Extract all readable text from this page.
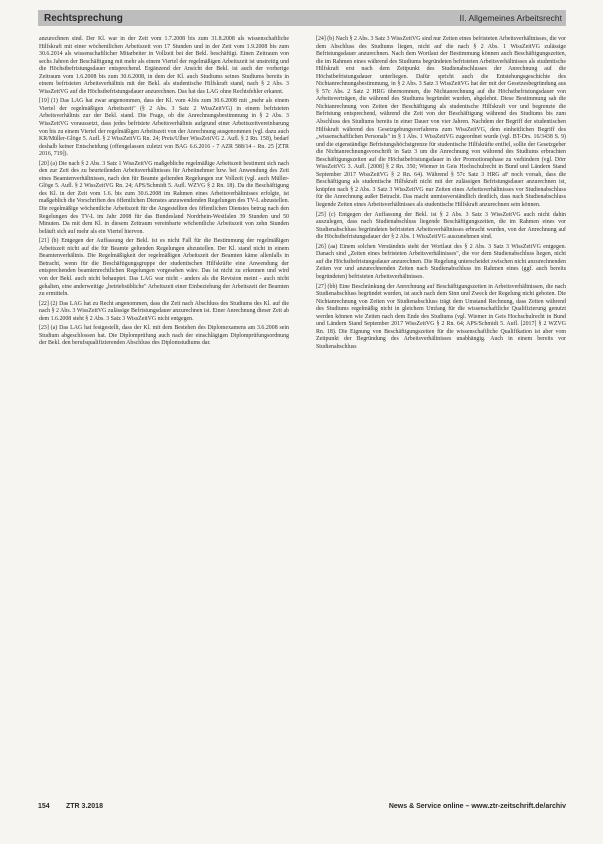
Rechtsprechung	II. Allgemeines Arbeitsrecht

anzurechnen sind. Der Kl. war in der Zeit vom 1.7.2008 bis zum 31.8.2008 als wissenschaftliche Hilfskraft mit einer wöchentlichen Arbeitszeit von 17 Stunden und in der Zeit vom 1.9.2008 bis zum 30.6.2014 als wissenschaftlicher Mitarbeiter in Vollzeit bei der Bekl. beschäftigt. Einen Zeitraum von sechs Jahren der Beschäftigung mit mehr als einem Viertel der regelmäßigen Arbeitszeit ist unstreitig und die Höchstbefristungsdauer entsprechend. Ergänzend der Ansicht der Bekl. ist auch der vorherige Zeitraum vom 1.6.2008 bis zum 30.6.2008, in dem der Kl. auch Studiums seines Studiums bereits in einem befristeten Arbeitsverhältnis mit der Bekl. als studentische Hilfskraft stand, nach § 2 Abs. 3 WissZeitVG auf die Höchstbefristungsdauer anzurechnen. Das hat das LAG ohne Rechtsfehler erkannt.

[19] (1) Das LAG hat zwar angenommen, dass der Kl. vom 4.bis zum 30.6.2008 mit „mehr als einem Viertel der regelmäßigen Arbeitszeit" (§ 2 Abs. 3 Satz 2 WissZeitVG) in einem befristeten Arbeitsverhältnis zur der Bekl. stand. Die Frage, ob die Anrechnungsbestimmung in § 2 Abs. 3 WissZeitVG voraussetzt, dass jedes befristete Arbeitsverhältnis aufgrund einer Arbeitszeitvereinbarung von bis zu einem Viertel der regelmäßigen Arbeitszeit von der Anrechnung ausgenommen (vgl. dazu auch KR/Müller-Glöge 5. Aufl. § 2 WissZeitVG Rn. 24; Preis/Ulber WissZeitVG 2. Aufl. § 2 Rn. 158), bedarf deshalb keiner Entscheidung (offengelassen zuletzt von BAG 6.6.2016 - 7 AZR 588/14 - Rn. 25 [ZTR 2016, 719]).

[20] (a) Die nach § 2 Abs. 3 Satz 1 WissZeitVG maßgebliche regelmäßige Arbeitszeit bestimmt sich nach den zur Zeit des zu beurteilenden Arbeitsverhältnisses für Arbeitnehmer bzw. bei Anwendung des Zeit eines Beamtenverhältnisses, nach den für Beamte geltenden Regelungen zur Vollzeit (vgl. auch Müller-Glöge 5. Aufl. § 2 WissZeitVG Rn. 24; APS/Schmidt 5. Aufl. WZVG § 2 Rn. 18). Da die Beschäftigung des Kl. in der Zeit vom 1.6. bis zum 30.6.2008 im Rahmen eines Arbeitsverhältnisses erfolgte, ist maßgeblich die Vorschriften des öffentlichen Dienstes anzuwendenden Regelungen des TV-L abzustellen. Die regelmäßige wöchentliche Arbeitszeit für die Angestellten des öffentlichen Dienstes betrug nach den Regelungen des TV-L im Jahr 2008 für das Bundesland Nordrhein-Westfalen 39 Stunden und 50 Minuten. Da mit dem Kl. in diesem Zeitraum vereinbarte wöchentliche Arbeitszeit von zehn Stunden beläuft sich auf mehr als ein Viertel hiervon.

[21] (b) Entgegen der Auffassung der Bekl. ist es nicht Fall für die Bestimmung der regelmäßigen Arbeitszeit nicht auf die für Beamte geltenden Regelungen abzustellen. Der Kl. stand nicht in einem Beamtenverhältnis. Die Regelmäßigkeit der regelmäßigen Arbeitszeit der Beamten käme allenfalls in Betracht, wenn für die Beschäftigungsgruppe der studentischen Hilfskräfte eine Anwendung der entsprechenden beamtenrechtlichen Regelungen vorgesehen wäre. Das ist nicht zu erkennen und wird von der Bekl. auch nicht behauptet. Das LAG war nicht - anders als die Revision meint - auch nicht gehalten, eine anderweitige „betriebsübliche" Arbeitszeit einer Einbeziehung der Arbeitszeit der Beamten zu ermitteln.

[22] (2) Das LAG hat zu Recht angenommen, dass die Zeit nach Abschluss des Studiums des Kl. auf die nach § 2 Abs. 3 WissZeitVG zulässige Befristungsdauer anzurechnen ist. Einer Anrechnung dieser Zeit ab dem 1.6.2008 steht § 2 Abs. 3 Satz 3 WissZeitVG nicht entgegen.

[23] (a) Das LAG hat festgestellt, dass der Kl. mit dem Bestehen des Diplomexamens am 3.6.2008 sein Studium abgeschlossen hat. Die Diplomprüfung auch nach der einschlägigen Diplomprüfungsordnung der Bekl. den berufsqualifizierenden Abschluss des Diplomstudiums dar.

[24] (b) Nach § 2 Abs. 3 Satz 3 WissZeitVG sind nur Zeiten eines befristeten Arbeitsverhältnisses, die vor dem Abschluss des Studiums liegen, nicht auf die nach § 2 Abs. 1 WissZeitVG zulässige Befristungsdauer anzurechnen. Nach dem Wortlaut der Bestimmung können auch Beschäftigungszeiten, die im Rahmen eines während des Studiums begründeten befristeten Arbeitsverhältnisses als studentische Hilfskraft erst nach dem Zeitpunkt des Studienabschlusses der Anrechnung auf die Höchstbefristungsdauer unterliegen. Dafür spricht auch die Entstehungsgeschichte des Nichtanrechnungsbestimmung, in § 2 Abs. 3 Satz 3 WissZeitVG hat der mit der Gesetzesbegründung aus § 57c Abs. 2 Satz 2 HRG übernommen, die Nichtanrechnung auf die Höchstbefristungsdauer von Arbeitsverträgen, die während des Studiums begründet wurden, abgelehnt. Diese Bestimmung sah die Nichtanrechnung von Zeiten der Beschäftigung als studentische Hilfskraft vor und begrenzte die Befristung entsprechend, während die Zeit von der Beschäftigung während des Studiums bis zum Abschluss des Studiums bereits in einer Dauer von vier Jahren. Nachdem der Begriff der studentischen Hilfskraft während des Gesetzgebungsverfahrens zum WissZeitVG, dem einheitlichen Begriff des „wissenschaftlichen Personals" in § 1 Abs. 1 WissZeitVG zugeordnet wurde (vgl. BT-Drs. 16/3438 S. 9) und die eigenständige Befristungshöchstgrenze für studentische Hilfskräfte entfiel, sollte der Gesetzgeber die Nichtanrechnungsvorschrift in Satz 3 um die Anrechnung von während des Studiums erbrachten Beschäftigungszeiten auf die Höchstbefristungsdauer in der Promotionsphase zu verhindern (vgl. Dörr WissZeitVG 3. Aufl. [2008] § 2 Rn. 350; Wiemer in Geis Hochschulrecht in Bund und Ländern Stand September 2017 WissZeitVG § 2 Rn. 64). Während § 57c Satz 3 HRG aF noch vorsah, dass die Beschäftigung als studentische Hilfskraft nicht mit der zulässigen Befristungsdauer anzurechnen ist, knüpfen nach § 2 Abs. 3 Satz 3 WissZeitVG nur Zeiten eines Arbeitsverhältnisses vor Studienabschluss für die Anrechnung außer Betracht. Das macht unmissverständlich deutlich, dass nach Studienabschluss liegende Zeiten eines Arbeitsverhältnisses als studentische Hilfskraft anzurechnen sein können.

[25] (c) Entgegen der Auffassung der Bekl. ist § 2 Abs. 3 Satz 3 WissZeitVG auch nicht dahin auszulegen, dass nach Studienabschluss liegende Beschäftigungszeiten, die im Rahmen eines vor Studienabschluss begründeten befristeten Arbeitsverhältnisses erbracht wurden, von der Anrechnung auf die Höchstbefristungsdauer der § 2 Abs. 1 WissZeitVG auszunehmen sind.

[26] (aa) Einem solchen Verständnis steht der Wortlaut des § 2 Abs. 3 Satz 3 WissZeitVG entgegen. Danach sind „Zeiten eines befristeten Arbeitsverhältnisses", die vor dem Studienabschluss liegen, nicht auf die Höchstbefristungsdauer anzurechnen. Die Regelung unterscheidet zwischen nicht anzurechnenden Zeiten vor und anzurechnenden Zeiten nach Studienabschluss im Rahmen eines (ggf. auch bereits begründeten) befristeten Arbeitsverhältnisses.

[27] (bb) Eine Beschränkung der Anrechnung auf Beschäftigungszeiten in Arbeitsverhältnissen, die nach Studienabschluss begründet wurden, ist auch nach dem Sinn und Zweck der Regelung nicht geboten. Die Nichtanrechnung von Zeiten vor Studienabschluss trägt dem Umstand Rechnung, dass Zeiten während des Studiums regelmäßig nicht in gleichem Umfang für die wissenschaftliche Qualifizierung genutzt werden können wie Zeiten nach dem Ende des Studiums (vgl. Wiemer in Geis Hochschulrecht in Bund und Ländern Stand September 2017 WissZeitVG § 2 Rn. 64; APS/Schmidt 5. Aufl. [2017] § 2 WZVG Rn. 18). Die Eignung von Beschäftigungszeiten für die wissenschaftliche Qualifikation ist aber vom Zeitpunkt der Begründung des Arbeitsverhältnisses unabhängig. Auch in einem bereits vor Studienabschluss

154 ZTR 3.2018	News & Service online – www.ztr-zeitschrift.de/archiv
